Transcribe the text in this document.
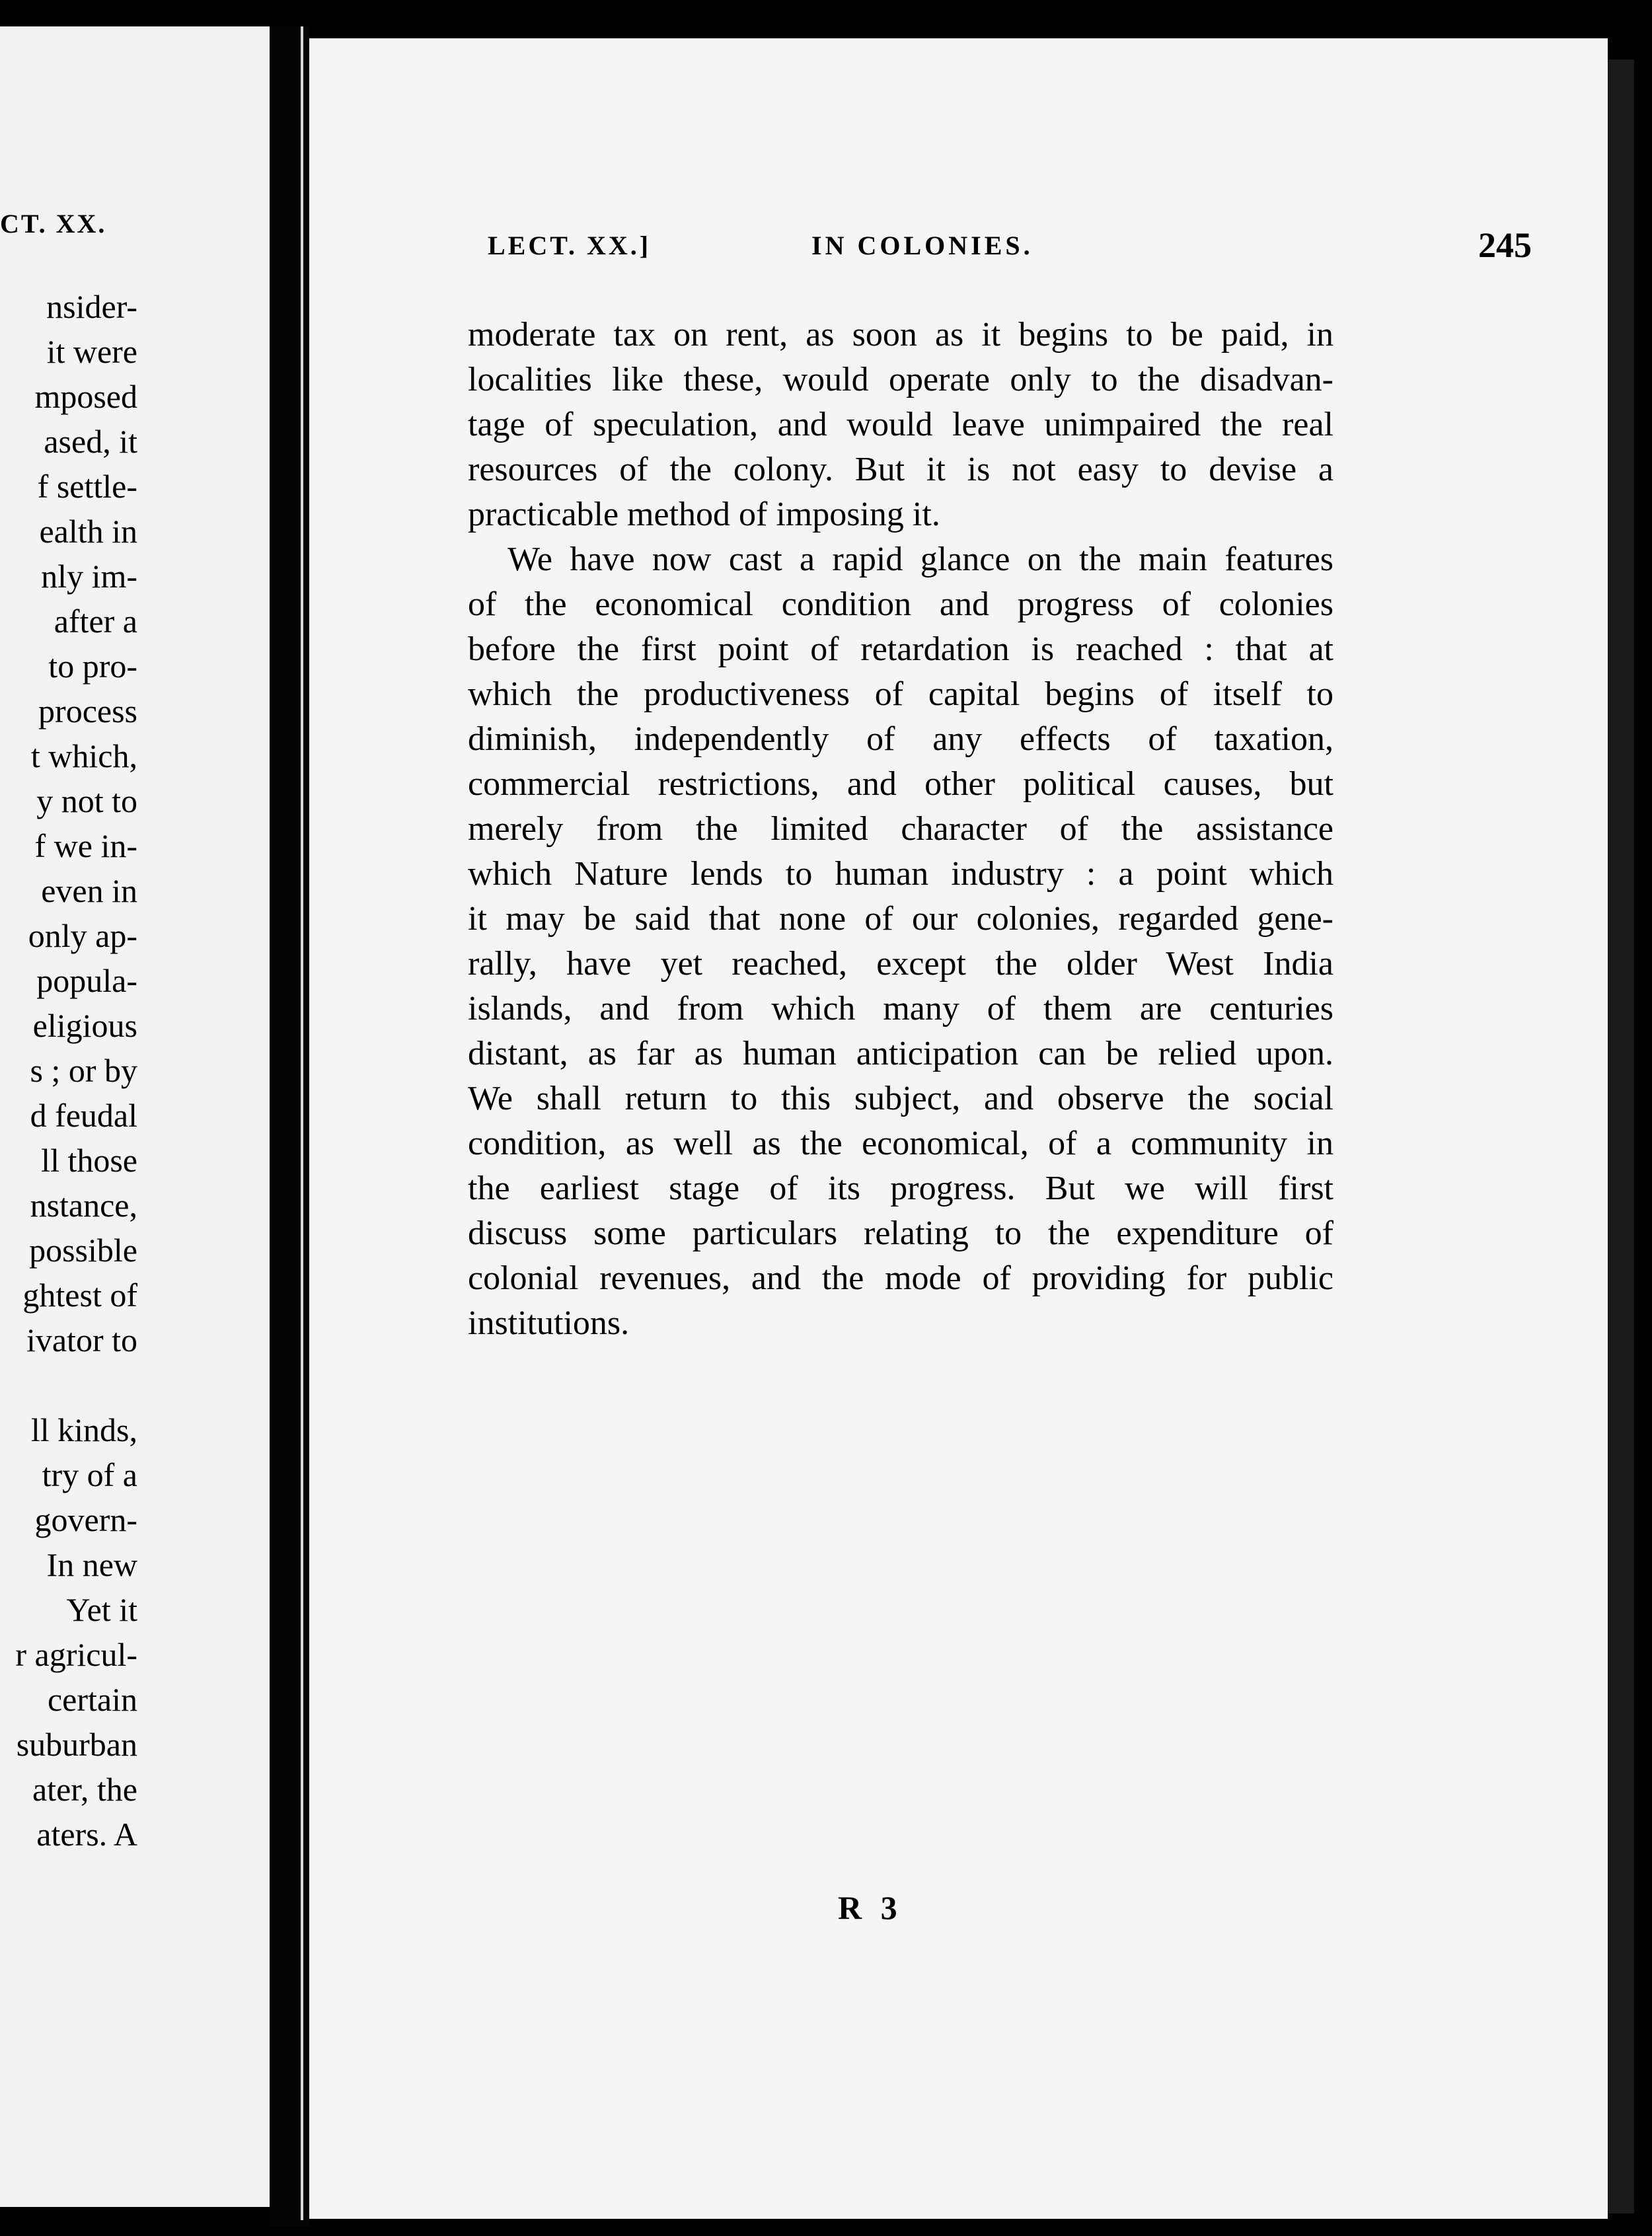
CT. XX.
nsider-
it were
mposed
ased, it
f settle-
ealth in
nly im-
after a
to pro-
process
t which,
y not to
f we in-
even in
only ap-
popula-
eligious
s ; or by
d feudal
ll those
nstance,
possible
ghtest of
ivator to
ll kinds,
try of a
govern-
In new
Yet it
r agricul-
certain
suburban
ater, the
aters. A
LECT. XX.]	IN COLONIES.	245
moderate tax on rent, as soon as it begins to be paid, in
localities like these, would operate only to the disadvan-
tage of speculation, and would leave unimpaired the real
resources of the colony. But it is not easy to devise a
practicable method of imposing it.
We have now cast a rapid glance on the main features
of the economical condition and progress of colonies
before the first point of retardation is reached : that at
which the productiveness of capital begins of itself to
diminish, independently of any effects of taxation,
commercial restrictions, and other political causes, but
merely from the limited character of the assistance
which Nature lends to human industry : a point which
it may be said that none of our colonies, regarded gene-
rally, have yet reached, except the older West India
islands, and from which many of them are centuries
distant, as far as human anticipation can be relied upon.
We shall return to this subject, and observe the social
condition, as well as the economical, of a community in
the earliest stage of its progress. But we will first
discuss some particulars relating to the expenditure of
colonial revenues, and the mode of providing for public
institutions.
R 3
